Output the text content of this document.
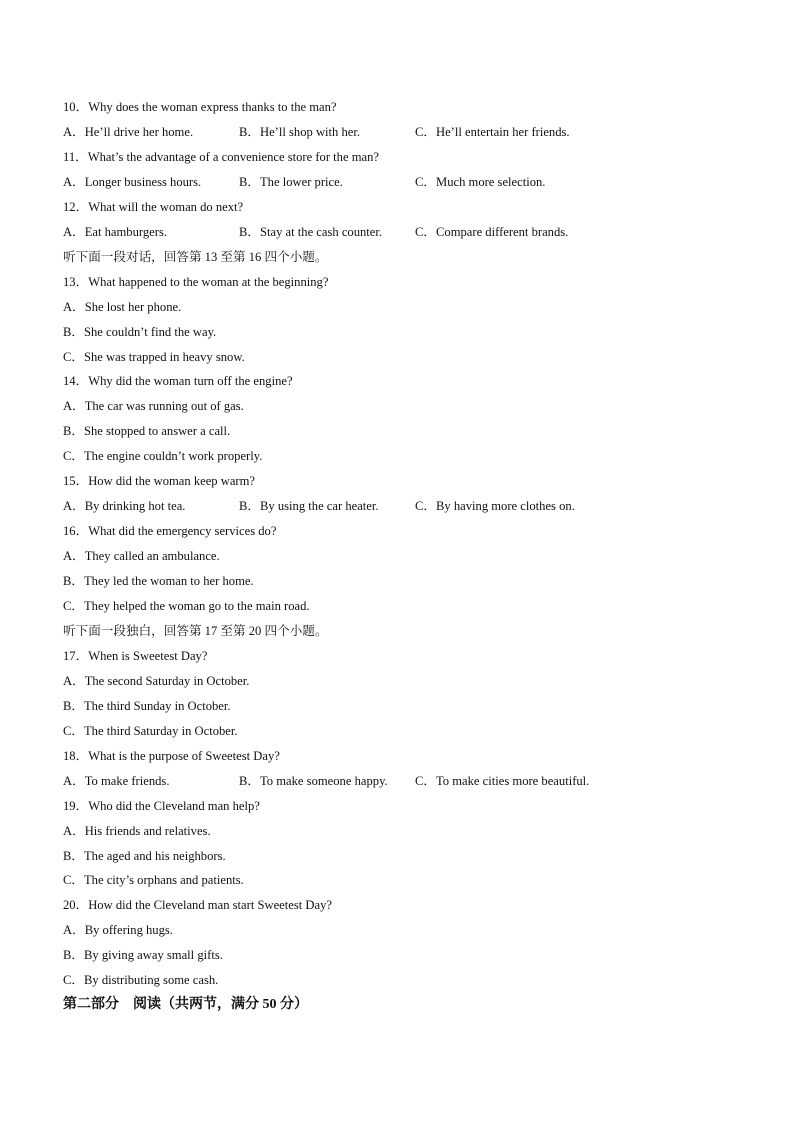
10．Why does the woman express thanks to the man?
A．He’ll drive her home.	B．He’ll shop with her.	C．He’ll entertain her friends.
11．What’s the advantage of a convenience store for the man?
A．Longer business hours.	B．The lower price.	C．Much more selection.
12．What will the woman do next?
A．Eat hamburgers.	B．Stay at the cash counter.	C．Compare different brands.
听下面一段对话，回答第 13 至第 16 四个小题。
13．What happened to the woman at the beginning?
A．She lost her phone.
B．She couldn’t find the way.
C．She was trapped in heavy snow.
14．Why did the woman turn off the engine?
A．The car was running out of gas.
B．She stopped to answer a call.
C．The engine couldn’t work properly.
15．How did the woman keep warm?
A．By drinking hot tea.	B．By using the car heater.	C．By having more clothes on.
16．What did the emergency services do?
A．They called an ambulance.
B．They led the woman to her home.
C．They helped the woman go to the main road.
听下面一段独白，回答第 17 至第 20 四个小题。
17．When is Sweetest Day?
A．The second Saturday in October.
B．The third Sunday in October.
C．The third Saturday in October.
18．What is the purpose of Sweetest Day?
A．To make friends.	B．To make someone happy. C．To make cities more beautiful.
19．Who did the Cleveland man help?
A．His friends and relatives.
B．The aged and his neighbors.
C．The city’s orphans and patients.
20．How did the Cleveland man start Sweetest Day?
A．By offering hugs.
B．By giving away small gifts.
C．By distributing some cash.
第二部分　阅读（共两节，满分 50 分）
